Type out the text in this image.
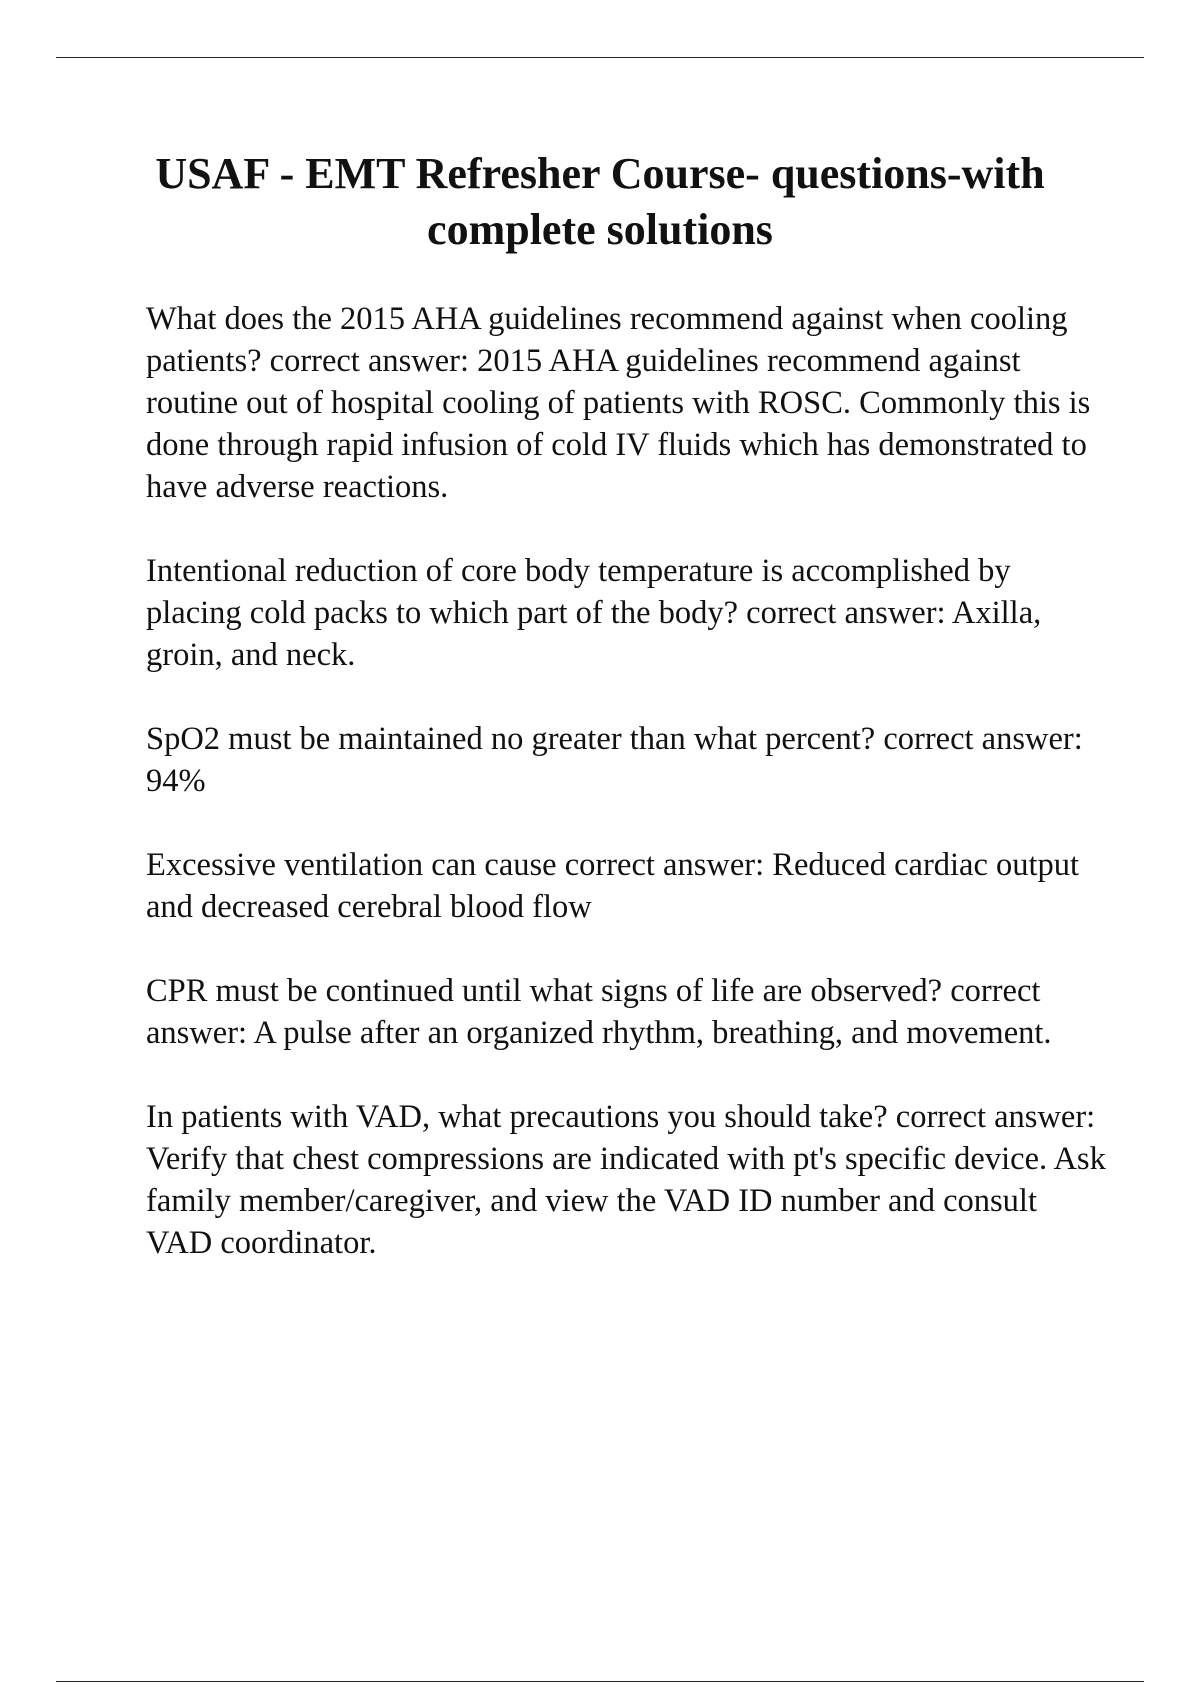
USAF - EMT Refresher Course- questions-with complete solutions

What does the 2015 AHA guidelines recommend against when cooling patients? correct answer: 2015 AHA guidelines recommend against routine out of hospital cooling of patients with ROSC. Commonly this is done through rapid infusion of cold IV fluids which has demonstrated to have adverse reactions.

Intentional reduction of core body temperature is accomplished by placing cold packs to which part of the body? correct answer: Axilla, groin, and neck.

SpO2 must be maintained no greater than what percent? correct answer: 94%

Excessive ventilation can cause correct answer: Reduced cardiac output and decreased cerebral blood flow

CPR must be continued until what signs of life are observed? correct answer: A pulse after an organized rhythm, breathing, and movement.

In patients with VAD, what precautions you should take? correct answer: Verify that chest compressions are indicated with pt's specific device. Ask family member/caregiver, and view the VAD ID number and consult VAD coordinator.
